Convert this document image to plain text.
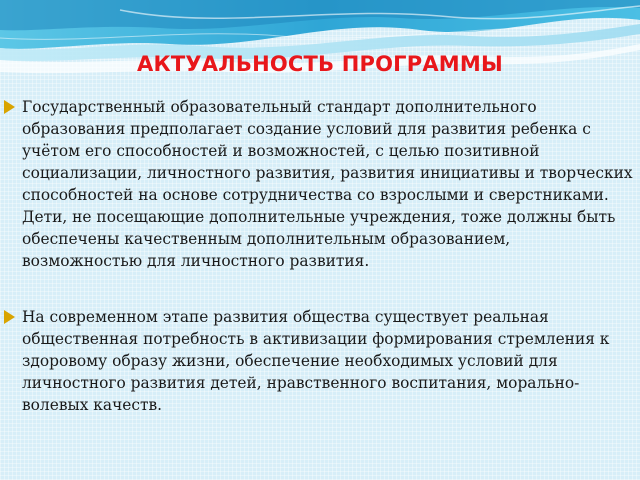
АКТУАЛЬНОСТЬ ПРОГРАММЫ
Государственный образовательный стандарт дополнительного образования предполагает создание условий для развития ребенка с учётом его способностей и возможностей, с целью позитивной социализации, личностного развития, развития инициативы и творческих способностей на основе сотрудничества со взрослыми и сверстниками. Дети, не посещающие дополнительные учреждения, тоже должны быть обеспечены качественным дополнительным образованием, возможностью для личностного развития.
На современном этапе развития общества существует реальная общественная потребность в активизации формирования стремления к здоровому образу жизни, обеспечение необходимых условий для личностного развития детей, нравственного воспитания, морально-волевых качеств.
